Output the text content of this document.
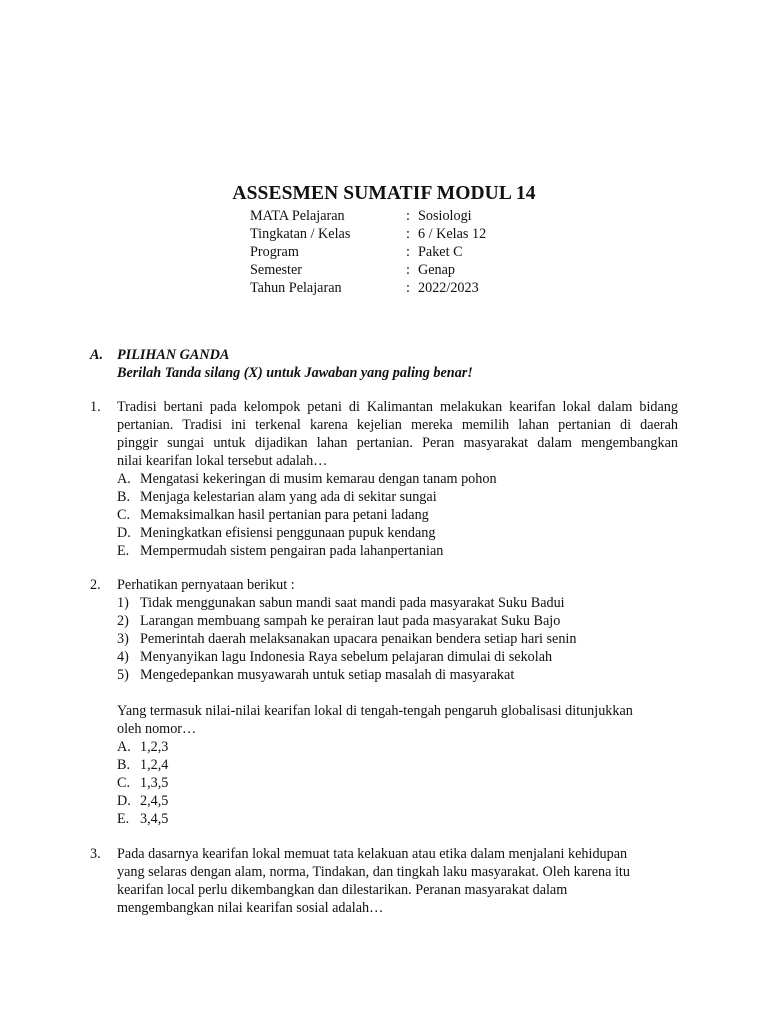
ASSESMEN SUMATIF MODUL 14
MATA Pelajaran	: Sosiologi
Tingkatan / Kelas	: 6 / Kelas 12
Program	: Paket C
Semester	: Genap
Tahun Pelajaran	: 2022/2023
A. PILIHAN GANDA
Berilah Tanda silang (X) untuk Jawaban yang paling benar!
1. Tradisi bertani pada kelompok petani di Kalimantan melakukan kearifan lokal dalam bidang
pertanian. Tradisi ini terkenal karena kejelian mereka memilih lahan pertanian di daerah
pinggir sungai untuk dijadikan lahan pertanian. Peran masyarakat dalam mengembangkan
nilai kearifan lokal tersebut adalah…
A. Mengatasi kekeringan di musim kemarau dengan tanam pohon
B. Menjaga kelestarian alam yang ada di sekitar sungai
C. Memaksimalkan hasil pertanian para petani ladang
D. Meningkatkan efisiensi penggunaan pupuk kendang
E. Mempermudah sistem pengairan pada lahanpertanian
2. Perhatikan pernyataan berikut :
1) Tidak menggunakan sabun mandi saat mandi pada masyarakat Suku Badui
2) Larangan membuang sampah ke perairan laut pada masyarakat Suku Bajo
3) Pemerintah daerah melaksanakan upacara penaikan bendera setiap hari senin
4) Menyanyikan lagu Indonesia Raya sebelum pelajaran dimulai di sekolah
5) Mengedepankan musyawarah untuk setiap masalah di masyarakat
Yang termasuk nilai-nilai kearifan lokal di tengah-tengah pengaruh globalisasi ditunjukkan
oleh nomor…
A. 1,2,3
B. 1,2,4
C. 1,3,5
D. 2,4,5
E. 3,4,5
3. Pada dasarnya kearifan lokal memuat tata kelakuan atau etika dalam menjalani kehidupan
yang selaras dengan alam, norma, Tindakan, dan tingkah laku masyarakat. Oleh karena itu
kearifan local perlu dikembangkan dan dilestarikan. Peranan masyarakat dalam
mengembangkan nilai kearifan sosial adalah…
